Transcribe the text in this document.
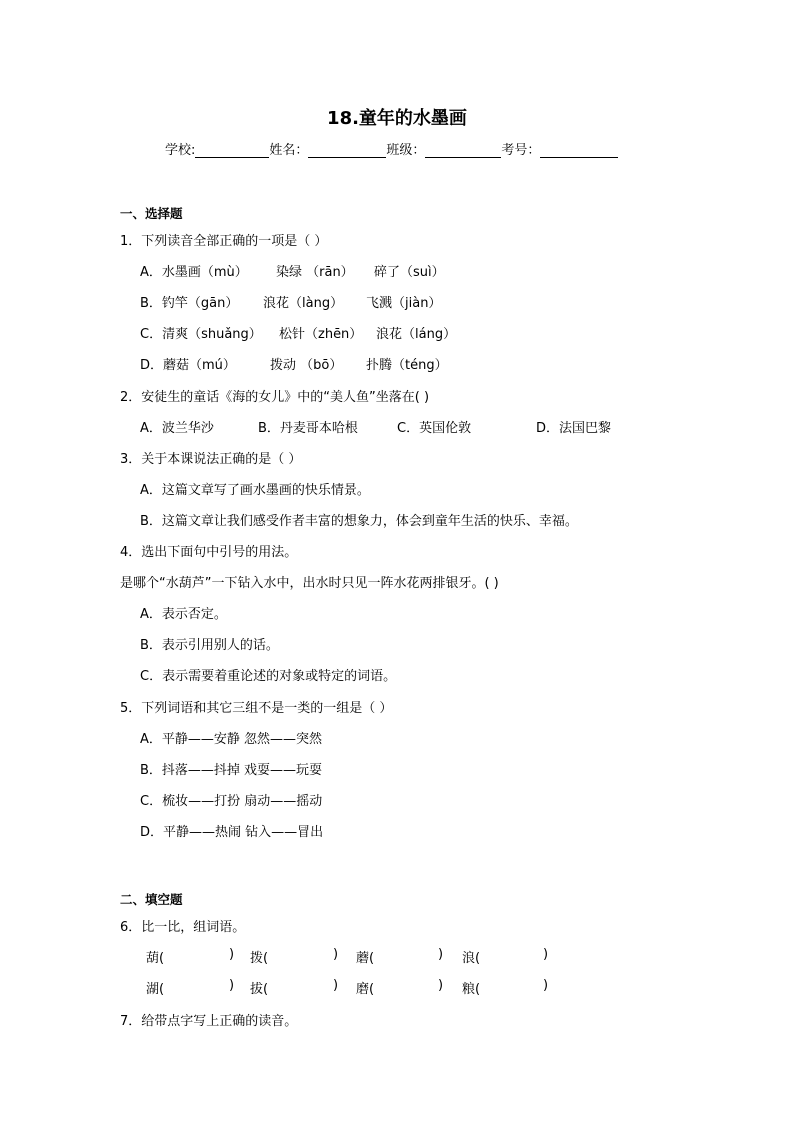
18.童年的水墨画
学校:	姓名：	班级：	考号：
一、选择题
1．下列读音全部正确的一项是（ ）
A．水墨画（mù） 染绿 （rān） 碎了（suì）
B．钓竿（gān） 浪花（làng） 飞溅（jiàn）
C．清爽（shuǎng） 松针（zhēn） 浪花（láng）
D．蘑菇（mú）	拨动 （bō） 扑腾（téng）
2．安徒生的童话《海的女儿》中的“美人鱼”坐落在( )
A．波兰华沙	B．丹麦哥本哈根	C．英国伦敦	D．法国巴黎
3．关于本课说法正确的是（ ）
A．这篇文章写了画水墨画的快乐情景。
B．这篇文章让我们感受作者丰富的想象力，体会到童年生活的快乐、幸福。
4．选出下面句中引号的用法。
是哪个“水葫芦”一下钻入水中，出水时只见一阵水花两排银牙。( )
A．表示否定。
B．表示引用别人的话。
C．表示需要着重论述的对象或特定的词语。
5．下列词语和其它三组不是一类的一组是（ ）
A．平静——安静 忽然——突然
B．抖落——抖掉 戏耍——玩耍
C．梳妆——打扮 扇动——摇动
D．平静——热闹 钻入——冒出
二、填空题
6．比一比，组词语。
葫(	) 拨(	) 蘑(	) 浪(	)
湖(	) 拔(	) 磨(	) 粮(	)
7．给带点字写上正确的读音。
